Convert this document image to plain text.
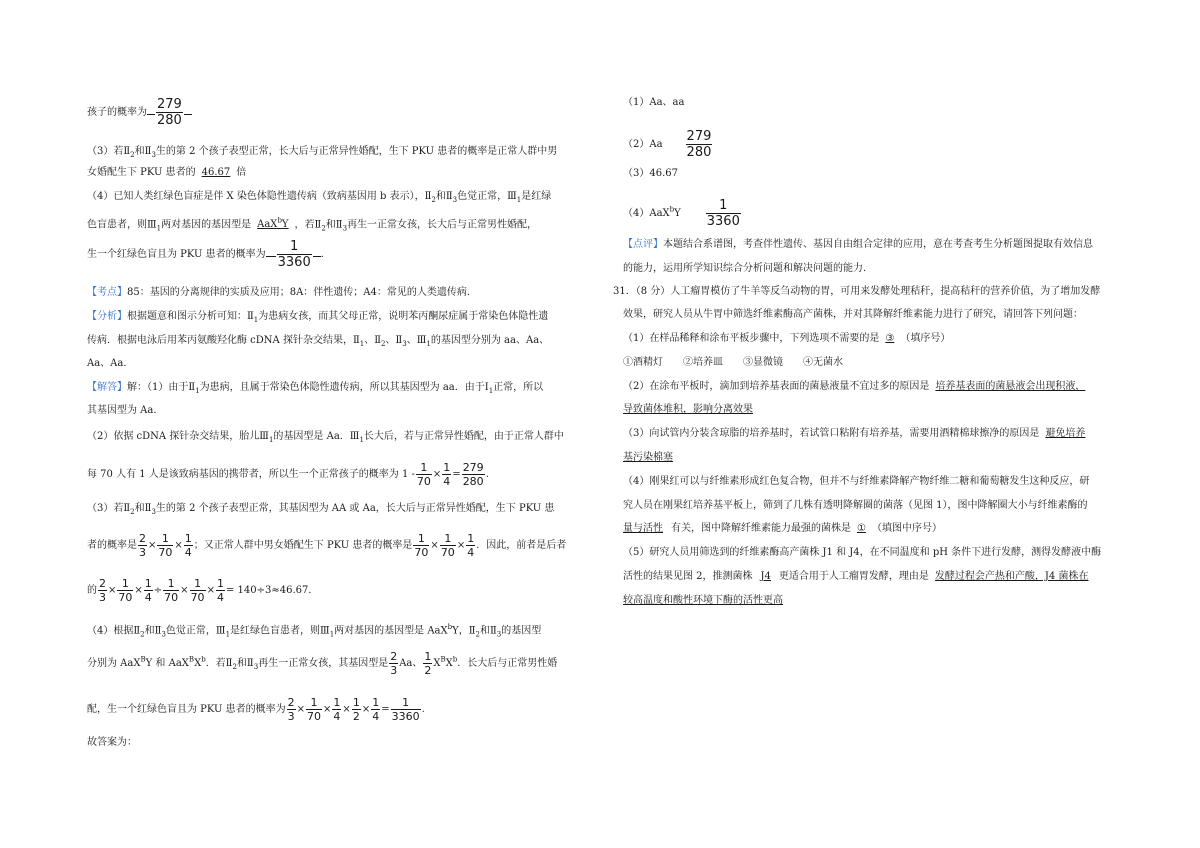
孩子的概率为 $\frac{279}{280}$
（3）若$Ⅱ_2$和$Ⅱ_3$生的第 2 个孩子表型正常，长大后与正常异性婚配，生下 PKU 患者的概率是正常人群中男
女婚配生下 PKU 患者的 46.67 倍
（4）已知人类红绿色盲症是伴 X 染色体隐性遗传病（致病基因用 b 表示），$Ⅱ_2$和$Ⅱ_3$色觉正常，$Ⅲ_1$是红绿
色盲患者，则$Ⅲ_1$两对基因的基因型是 AaX$^b$Y ，若$Ⅱ_2$和$Ⅱ_3$再生一正常女孩，长大后与正常男性婚配，
生一个红绿色盲且为 PKU 患者的概率为 $\frac{1}{3360}$ ．
【考点】85：基因的分离规律的实质及应用；8A：伴性遗传；A4：常见的人类遗传病．
【分析】根据题意和图示分析可知：$Ⅱ_1$为患病女孩，而其父母正常，说明苯丙酮尿症属于常染色体隐性遗
传病．根据电泳后用苯丙氨酸羟化酶 cDNA 探针杂交结果，$Ⅱ_1$、$Ⅱ_2$、$Ⅱ_3$、$Ⅲ_1$的基因型分别为 aa、Aa、
Aa、Aa．
【解答】解：（1）由于$Ⅱ_1$为患病，且属于常染色体隐性遗传病，所以其基因型为 aa．由于$Ⅰ_1$正常，所以
其基因型为 Aa．
（2）依据 cDNA 探针杂交结果，胎儿$Ⅲ_1$的基因型是 Aa．$Ⅲ_1$长大后，若与正常异性婚配，由于正常人群中
每 70 人有 1 人是该致病基因的携带者，所以生一个正常孩子的概率为 $1 - \frac{1}{70} \times \frac{1}{4} = \frac{279}{280}$ .
（3）若$Ⅱ_2$和$Ⅱ_3$生的第 2 个孩子表型正常，其基因型为 AA 或 Aa，长大后与正常异性婚配，生下 PKU 患
者的概率是 $\frac{2}{3} \times \frac{1}{70} \times \frac{1}{4}$ ；又正常人群中男女婚配生下 PKU 患者的概率是 $\frac{1}{70} \times \frac{1}{70} \times \frac{1}{4}$ ．因此，前者是后者
的 $\frac{2}{3} \times \frac{1}{70} \times \frac{1}{4} \div \frac{1}{70} \times \frac{1}{70} \times \frac{1}{4} = 140\div 3\approx 46.67$．
（4）根据$Ⅱ_2$和$Ⅱ_3$色觉正常，$Ⅲ_1$是红绿色盲患者，则$Ⅲ_1$两对基因的基因型是 AaX$^b$Y，$Ⅱ_2$和$Ⅱ_3$的基因型
分别为 AaX$^B$Y 和 $AaX^BX^b$．若$Ⅱ_2$和$Ⅱ_3$再生一正常女孩，其基因型是 $\frac{2}{3}$ Aa、 $\frac{1}{2} X^BX^b$．长大后与正常男性婚
配，生一个红绿色盲且为 PKU 患者的概率为 $\frac{2}{3} \times \frac{1}{70} \times \frac{1}{4} \times \frac{1}{2} \times \frac{1}{4} = \frac{1}{3360}$ .
故答案为：
（1）Aa、aa
$(2)Aa \frac{279}{280}$
（3）46.67
$(4)AaX^bY \frac{1}{3360}$
【点评】本题结合系谱图，考查伴性遗传、基因自由组合定律的应用，意在考查考生分析题图提取有效信息
的能力，运用所学知识综合分析问题和解决问题的能力．
31．（8 分）人工瘤胃模仿了牛羊等反刍动物的胃，可用来发酵处理秸秆，提高秸秆的营养价值，为了增加发酵
效果，研究人员从牛胃中筛选纤维素酶高产菌株，并对其降解纤维素能力进行了研究，请回答下列问题：
（1）在样品稀释和涂布平板步骤中，下列选项不需要的是 ③ （填序号）
①酒精灯　　②培养皿　　③显微镜　　④无菌水
（2）在涂布平板时，滴加到培养基表面的菌悬液量不宜过多的原因是 培养基表面的菌悬液会出现积液，
导致菌体堆积，影响分离效果
（3）向试管内分装含琼脂的培养基时，若试管口粘附有培养基，需要用酒精棉球擦净的原因是 避免培养
基污染棉塞
（4）刚果红可以与纤维素形成红色复合物，但并不与纤维素降解产物纤维二糖和葡萄糖发生这种反应，研
究人员在刚果红培养基平板上，筛到了几株有透明降解圈的菌落（见图 1），图中降解圈大小与纤维素酶的
量与活性 有关，图中降解纤维素能力最强的菌株是 ① （填图中序号）
（5）研究人员用筛选到的纤维素酶高产菌株 J1 和 J4，在不同温度和 pH 条件下进行发酵，测得发酵液中酶
活性的结果见图 2，推测菌株 J4 更适合用于人工瘤胃发酵，理由是 发酵过程会产热和产酸，J4 菌株在
较高温度和酸性环境下酶的活性更高
